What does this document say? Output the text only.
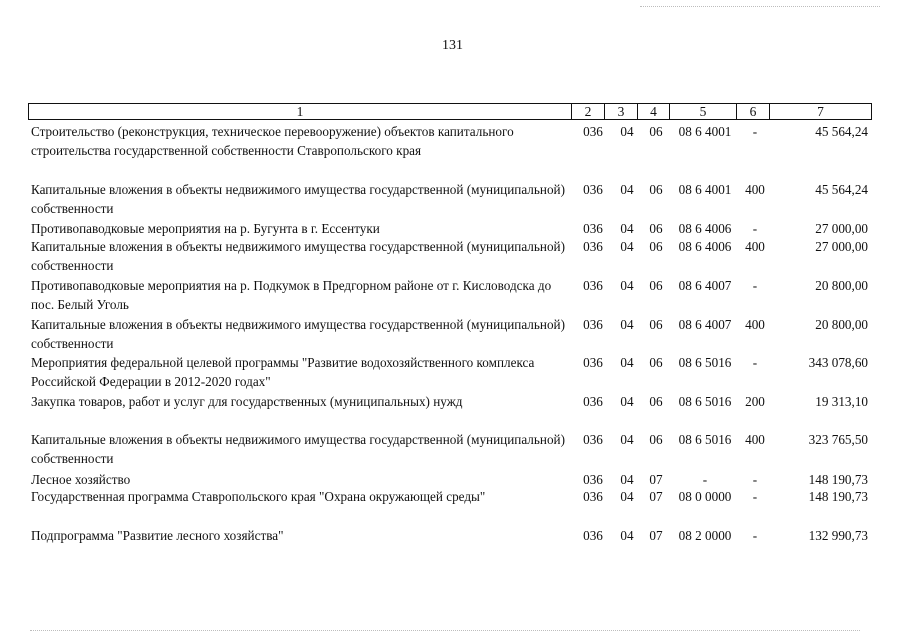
131
1	2	3	4	5	6	7
Строительство (реконструкция, техническое перевооружение) объектов капитального строительства государственной собственности Ставропольского края
036	04	06	08 6 4001	-	45 564,24
Капитальные вложения в объекты недвижимого имущества государственной (муниципальной) собственности
036	04	06	08 6 4001	400	45 564,24
Противопаводковые мероприятия на р. Бугунта в г. Ессентуки	036	04	06	08 6 4006	-	27 000,00
Капитальные вложения в объекты недвижимого имущества государственной (муниципальной) собственности
036	04	06	08 6 4006	400	27 000,00
Противопаводковые мероприятия на р. Подкумок в Предгорном районе от г. Кисловодска до пос. Белый Уголь
036	04	06	08 6 4007	-	20 800,00
Капитальные вложения в объекты недвижимого имущества государственной (муниципальной) собственности
036	04	06	08 6 4007	400	20 800,00
Мероприятия федеральной целевой программы "Развитие водохозяйственного комплекса Российской Федерации в 2012-2020 годах"
036	04	06	08 6 5016	-	343 078,60
Закупка товаров, работ и услуг для государственных (муниципальных) нужд	036	04	06	08 6 5016	200	19 313,10
Капитальные вложения в объекты недвижимого имущества государственной (муниципальной) собственности
036	04	06	08 6 5016	400	323 765,50
Лесное хозяйство	036	04	07	-	-	148 190,73
Государственная программа Ставропольского края "Охрана окружающей среды"	036	04	07	08 0 0000	-	148 190,73
Подпрограмма "Развитие лесного хозяйства"	036	04	07	08 2 0000	-	132 990,73
